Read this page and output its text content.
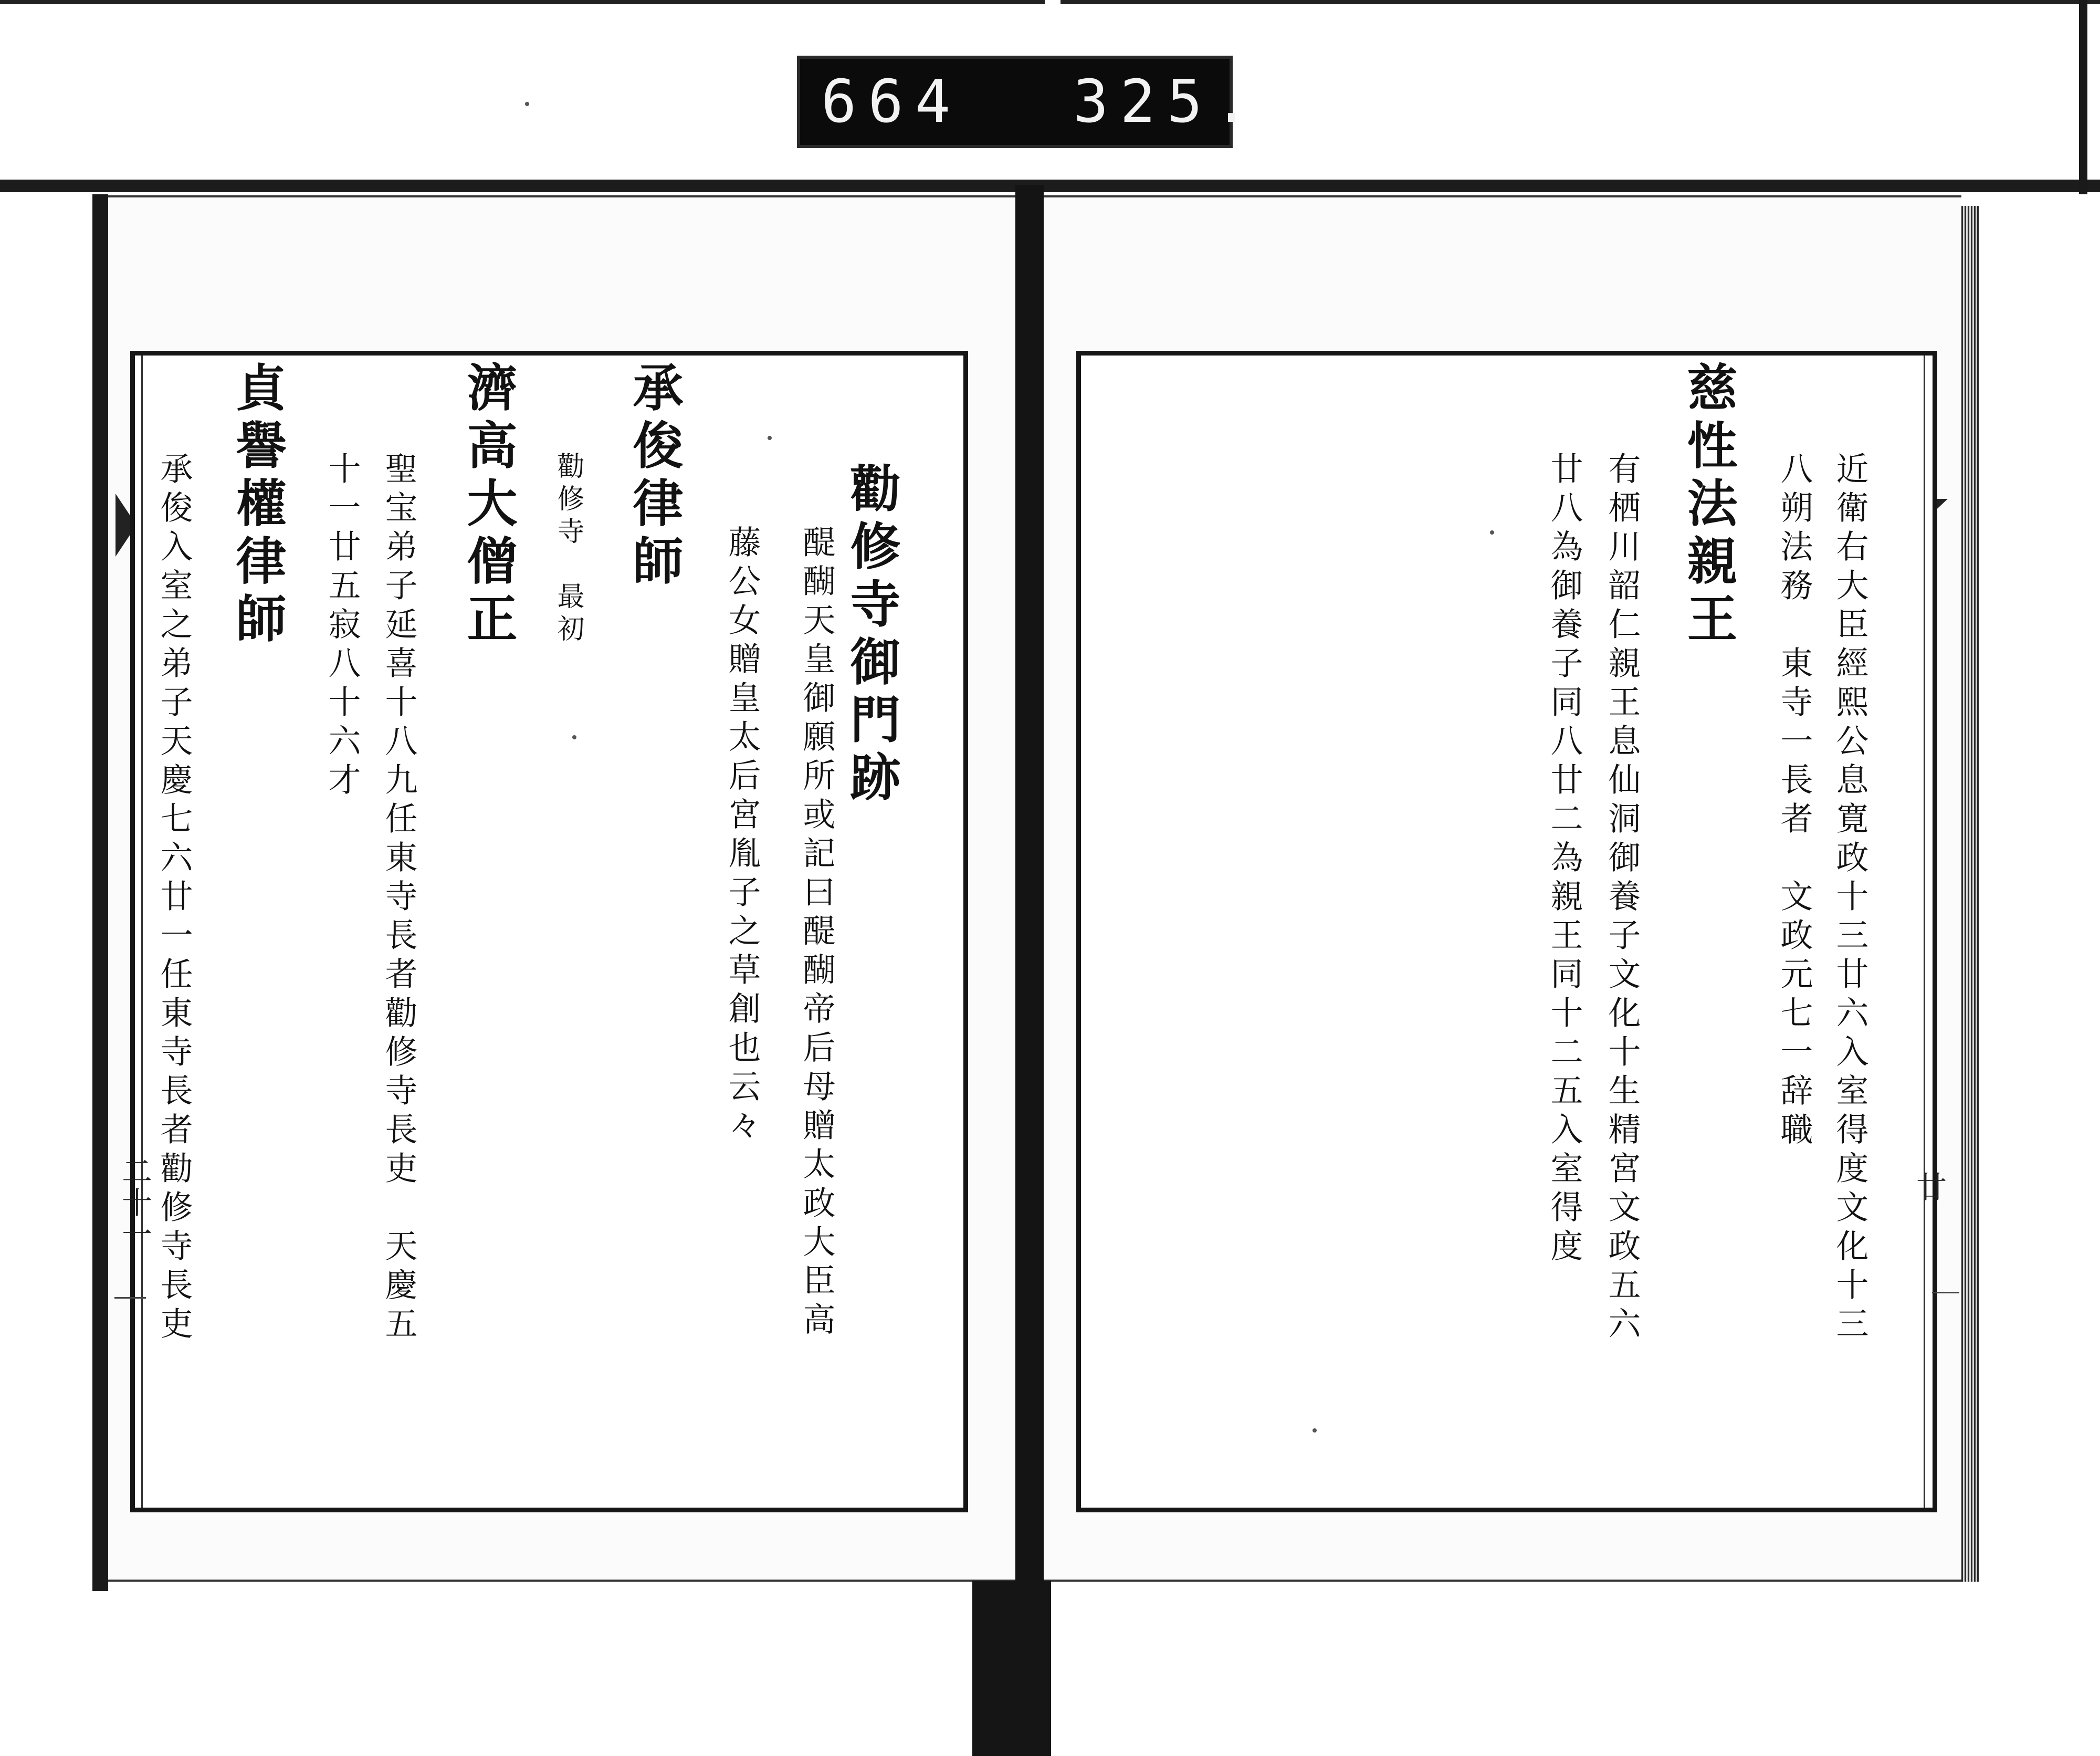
664 325.
勸修寺御門跡
醍醐天皇御願所或記曰醍醐帝后母贈太政大臣高
藤公女贈皇太后宮胤子之草創也云々
承俊律師
勸修寺　最初
濟高大僧正
聖宝弟子延喜十八九任東寺長者勸修寺長吏　天慶五
十一廿五寂八十六才
貞譽權律師
承俊入室之弟子天慶七六廿一任東寺長者勸修寺長吏
二十一	近衛右大臣經熙公息寛政十三廿六入室得度文化十三
八朔法務　東寺一長者　文政元七一辞職
慈性法親王
有栖川韶仁親王息仙洞御養子文化十生精宮文政五六
廿八為御養子同八廿二為親王同十二五入室得度	廿
